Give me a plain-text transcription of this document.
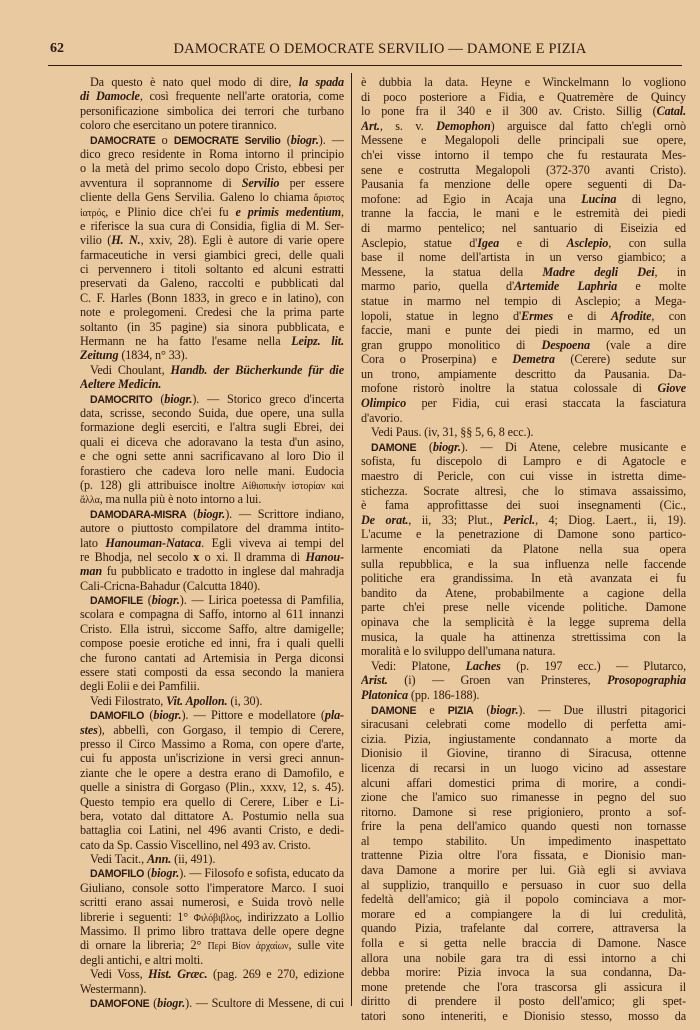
62	DAMOCRATE O DEMOCRATE SERVILIO — DAMONE E PIZIA
Da questo è nato quel modo di dire, la spada
di Damocle, così frequente nell'arte oratoria, come
personificazione simbolica dei terrori che turbano
coloro che esercitano un potere tirannico.
DAMOCRATE o DEMOCRATE Servilio (biogr.). —
dico greco residente in Roma intorno il principio
o la metà del primo secolo dopo Cristo, ebbesi per
avventura il soprannome di Servilio per essere
cliente della Gens Servilia. Galeno lo chiama ἄριστος
ἰατρός, e Plinio dice ch'ei fu e primis medentium,
e riferisce la sua cura di Considia, figlia di M. Ser-
vilio (H. N., xxiv, 28). Egli è autore di varie opere
farmaceutiche in versi giambici greci, delle quali
ci pervennero i titoli soltanto ed alcuni estratti
preservati da Galeno, raccolti e pubblicati dal
C. F. Harles (Bonn 1833, in greco e in latino), con
note e prolegomeni. Credesi che la prima parte
soltanto (in 35 pagine) sia sinora pubblicata, e
Hermann ne ha fatto l'esame nella Leipz. lit.
Zeitung (1834, n° 33).
Vedi Choulant, Handb. der Bücherkunde für die
Aeltere Medicin.
DAMOCRITO (biogr.). — Storico greco d'incerta
data, scrisse, secondo Suida, due opere, una sulla
formazione degli eserciti, e l'altra sugli Ebrei, dei
quali ei diceva che adoravano la testa d'un asino,
e che ogni sette anni sacrificavano al loro Dio il
forastiero che cadeva loro nelle mani. Eudocia
(p. 128) gli attribuisce inoltre Αἰθιοπικὴν ἱστορίαν καὶ
ἄλλα, ma nulla più è noto intorno a lui.
DAMODARA-MISRA (biogr.). — Scrittore indiano,
autore o piuttosto compilatore del dramma intito-
lato Hanouman-Nataca. Egli viveva ai tempi del
re Bhodja, nel secolo x o xi. Il dramma di Hanou-
man fu pubblicato e tradotto in inglese dal mahradja
Cali-Cricna-Bahadur (Calcutta 1840).
DAMOFILE (biogr.). — Lirica poetessa di Pamfilia,
scolara e compagna di Saffo, intorno al 611 innanzi
Cristo. Ella istruì, siccome Saffo, altre damigelle;
compose poesie erotiche ed inni, fra i quali quelli
che furono cantati ad Artemisia in Perga diconsi
essere stati composti da essa secondo la maniera
degli Eolii e dei Pamfilii.
Vedi Filostrato, Vit. Apollon. (i, 30).
DAMOFILO (biogr.). — Pittore e modellatore (pla-
stes), abbellì, con Gorgaso, il tempio di Cerere,
presso il Circo Massimo a Roma, con opere d'arte,
cui fu apposta un'iscrizione in versi greci annun-
ziante che le opere a destra erano di Damofilo, e
quelle a sinistra di Gorgaso (Plin., xxxv, 12, s. 45).
Questo tempio era quello di Cerere, Liber e Li-
bera, votato dal dittatore A. Postumio nella sua
battaglia coi Latini, nel 496 avanti Cristo, e dedi-
cato da Sp. Cassio Viscellino, nel 493 av. Cristo.
Vedi Tacit., Ann. (ii, 491).
DAMOFILO (biogr.). — Filosofo e sofista, educato da
Giuliano, console sotto l'imperatore Marco. I suoi
scritti erano assai numerosi, e Suida trovò nelle
librerie i seguenti: 1° Φιλόβιβλος, indirizzato a Lollio
Massimo. Il primo libro trattava delle opere degne
di ornare la libreria; 2° Περὶ Βίον ἀρχαίων, sulle vite
degli antichi, e altri molti.
Vedi Voss, Hist. Græc. (pag. 269 e 270, edizione
Westermann).
DAMOFONE (biogr.). — Scultore di Messene, di cui
è dubbia la data. Heyne e Winckelmann lo vogliono
di poco posteriore a Fidia, e Quatremère de Quincy
lo pone fra il 340 e il 300 av. Cristo. Sillig (Catal.
Art., s. v. Demophon) arguisce dal fatto ch'egli ornò
Messene e Megalopoli delle principali sue opere,
ch'ei visse intorno il tempo che fu restaurata Mes-
sene e costrutta Megalopoli (372-370 avanti Cristo).
Pausania fa menzione delle opere seguenti di Da-
mofone: ad Egio in Acaja una Lucina di legno,
tranne la faccia, le mani e le estremità dei piedi
di marmo pentelico; nel santuario di Eiseizia ed
Asclepio, statue d'Igea e di Asclepio, con sulla
base il nome dell'artista in un verso giambico; a
Messene, la statua della Madre degli Dei, in
marmo pario, quella d'Artemide Laphria e molte
statue in marmo nel tempio di Asclepio; a Mega-
lopoli, statue in legno d'Ermes e di Afrodite, con
faccie, mani e punte dei piedi in marmo, ed un
gran gruppo monolitico di Despoena (vale a dire
Cora o Proserpina) e Demetra (Cerere) sedute sur
un trono, ampiamente descritto da Pausania. Da-
mofone ristorò inoltre la statua colossale di Giove
Olimpico per Fidia, cui erasi staccata la fasciatura
d'avorio.
Vedi Paus. (iv, 31, §§ 5, 6, 8 ecc.).
DAMONE (biogr.). — Di Atene, celebre musicante e
sofista, fu discepolo di Lampro e di Agatocle e
maestro di Pericle, con cui visse in istretta dime-
stichezza. Socrate altresì, che lo stimava assaissimo,
è fama approfittasse dei suoi insegnamenti (Cic.,
De orat., ii, 33; Plut., Pericl., 4; Diog. Laert., ii, 19).
L'acume e la penetrazione di Damone sono partico-
larmente encomiati da Platone nella sua opera
sulla repubblica, e la sua influenza nelle faccende
politiche era grandissima. In età avanzata ei fu
bandito da Atene, probabilmente a cagione della
parte ch'ei prese nelle vicende politiche. Damone
opinava che la semplicità è la legge suprema della
musica, la quale ha attinenza strettissima con la
moralità e lo sviluppo dell'umana natura.
Vedi: Platone, Laches (p. 197 ecc.) — Plutarco,
Arist. (i) — Groen van Prinsteres, Prosopographia
Platonica (pp. 186-188).
DAMONE e PIZIA (biogr.). — Due illustri pitagorici
siracusani celebrati come modello di perfetta ami-
cizia. Pizia, ingiustamente condannato a morte da
Dionisio il Giovine, tiranno di Siracusa, ottenne
licenza di recarsi in un luogo vicino ad assestare
alcuni affari domestici prima di morire, a condi-
zione che l'amico suo rimanesse in pegno del suo
ritorno. Damone si rese prigioniero, pronto a sof-
frire la pena dell'amico quando questi non tornasse
al tempo stabilito. Un impedimento inaspettato
trattenne Pizia oltre l'ora fissata, e Dionisio man-
dava Damone a morire per lui. Già egli si avviava
al supplizio, tranquillo e persuaso in cuor suo della
fedeltà dell'amico; già il popolo cominciava a mor-
morare ed a compiangere la di lui credulità,
quando Pizia, trafelante dal correre, attraversa la
folla e si getta nelle braccia di Damone. Nasce
allora una nobile gara tra di essi intorno a chi
debba morire: Pizia invoca la sua condanna, Da-
mone pretende che l'ora trascorsa gli assicura il
diritto di prendere il posto dell'amico; gli spet-
tatori sono inteneriti, e Dionisio stesso, mosso da
